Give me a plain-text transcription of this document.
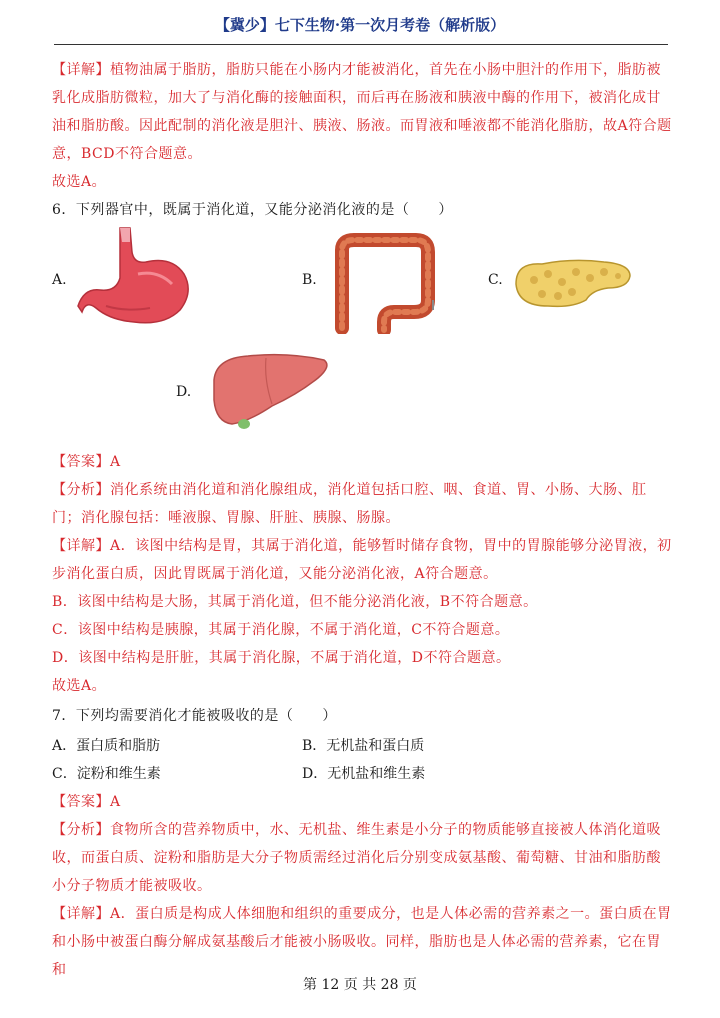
【冀少】七下生物·第一次月考卷（解析版）
【详解】植物油属于脂肪，脂肪只能在小肠内才能被消化，首先在小肠中胆汁的作用下，脂肪被乳化成脂肪微粒，加大了与消化酶的接触面积，而后再在肠液和胰液中酶的作用下，被消化成甘油和脂肪酸。因此配制的消化液是胆汁、胰液、肠液。而胃液和唾液都不能消化脂肪，故A符合题意，BCD不符合题意。
故选A。
6．下列器官中，既属于消化道，又能分泌消化液的是（　　）
A.	B.	C.
D.
【答案】A
【分析】消化系统由消化道和消化腺组成，消化道包括口腔、咽、食道、胃、小肠、大肠、肛门；消化腺包括：唾液腺、胃腺、肝脏、胰腺、肠腺。
【详解】A．该图中结构是胃，其属于消化道，能够暂时储存食物，胃中的胃腺能够分泌胃液，初步消化蛋白质，因此胃既属于消化道，又能分泌消化液，A符合题意。
B．该图中结构是大肠，其属于消化道，但不能分泌消化液，B不符合题意。
C．该图中结构是胰腺，其属于消化腺，不属于消化道，C不符合题意。
D．该图中结构是肝脏，其属于消化腺，不属于消化道，D不符合题意。
故选A。
7．下列均需要消化才能被吸收的是（　　）
A．蛋白质和脂肪	B．无机盐和蛋白质
C．淀粉和维生素	D．无机盐和维生素
【答案】A
【分析】食物所含的营养物质中，水、无机盐、维生素是小分子的物质能够直接被人体消化道吸收，而蛋白质、淀粉和脂肪是大分子物质需经过消化后分别变成氨基酸、葡萄糖、甘油和脂肪酸小分子物质才能被吸收。
【详解】A．蛋白质是构成人体细胞和组织的重要成分，也是人体必需的营养素之一。蛋白质在胃和小肠中被蛋白酶分解成氨基酸后才能被小肠吸收。同样，脂肪也是人体必需的营养素，它在胃和
第 12 页 共 28 页
